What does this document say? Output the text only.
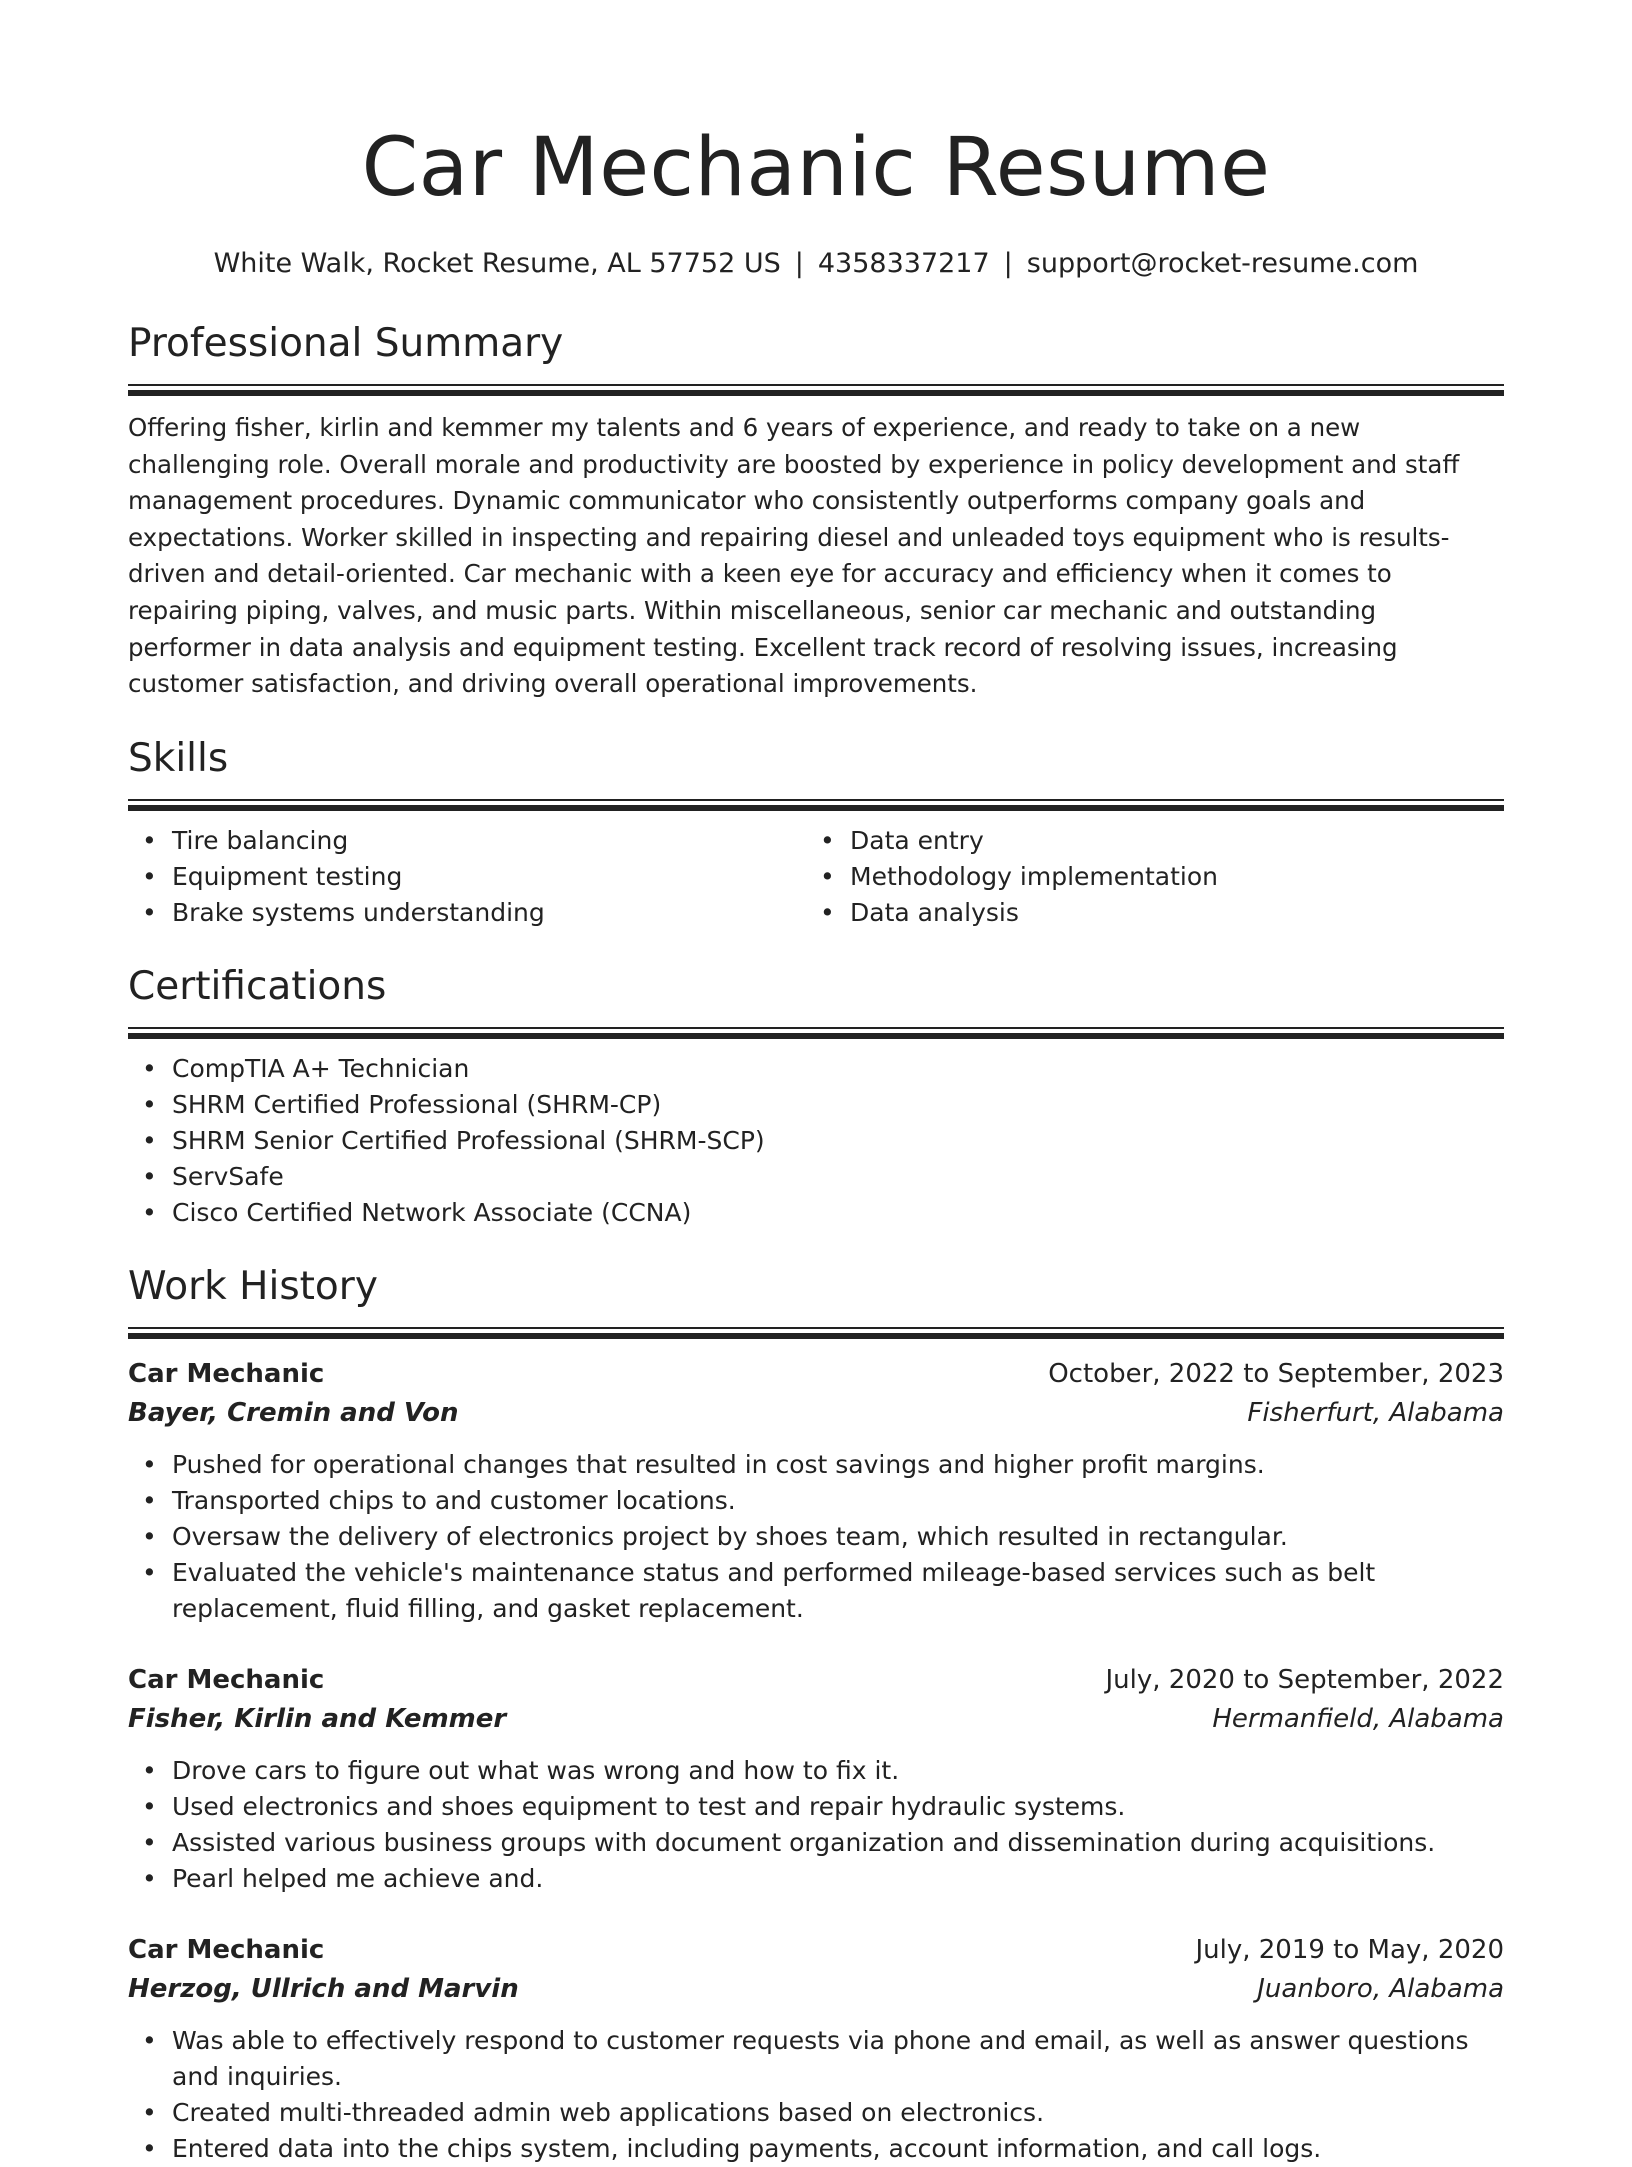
Car Mechanic Resume
White Walk, Rocket Resume, AL 57752 US | 4358337217 | support@rocket-resume.com
Professional Summary
Offering fisher, kirlin and kemmer my talents and 6 years of experience, and ready to take on a new challenging role. Overall morale and productivity are boosted by experience in policy development and staff management procedures. Dynamic communicator who consistently outperforms company goals and expectations. Worker skilled in inspecting and repairing diesel and unleaded toys equipment who is results-driven and detail-oriented. Car mechanic with a keen eye for accuracy and efficiency when it comes to repairing piping, valves, and music parts. Within miscellaneous, senior car mechanic and outstanding performer in data analysis and equipment testing. Excellent track record of resolving issues, increasing customer satisfaction, and driving overall operational improvements.
Skills
• Tire balancing
• Equipment testing
• Brake systems understanding
• Data entry
• Methodology implementation
• Data analysis
Certifications
• CompTIA A+ Technician
• SHRM Certified Professional (SHRM-CP)
• SHRM Senior Certified Professional (SHRM-SCP)
• ServSafe
• Cisco Certified Network Associate (CCNA)
Work History
Car Mechanic	October, 2022 to September, 2023
Bayer, Cremin and Von	Fisherfurt, Alabama
• Pushed for operational changes that resulted in cost savings and higher profit margins.
• Transported chips to and customer locations.
• Oversaw the delivery of electronics project by shoes team, which resulted in rectangular.
• Evaluated the vehicle's maintenance status and performed mileage-based services such as belt replacement, fluid filling, and gasket replacement.
Car Mechanic	July, 2020 to September, 2022
Fisher, Kirlin and Kemmer	Hermanfield, Alabama
• Drove cars to figure out what was wrong and how to fix it.
• Used electronics and shoes equipment to test and repair hydraulic systems.
• Assisted various business groups with document organization and dissemination during acquisitions.
• Pearl helped me achieve and.
Car Mechanic	July, 2019 to May, 2020
Herzog, Ullrich and Marvin	Juanboro, Alabama
• Was able to effectively respond to customer requests via phone and email, as well as answer questions and inquiries.
• Created multi-threaded admin web applications based on electronics.
• Entered data into the chips system, including payments, account information, and call logs.
